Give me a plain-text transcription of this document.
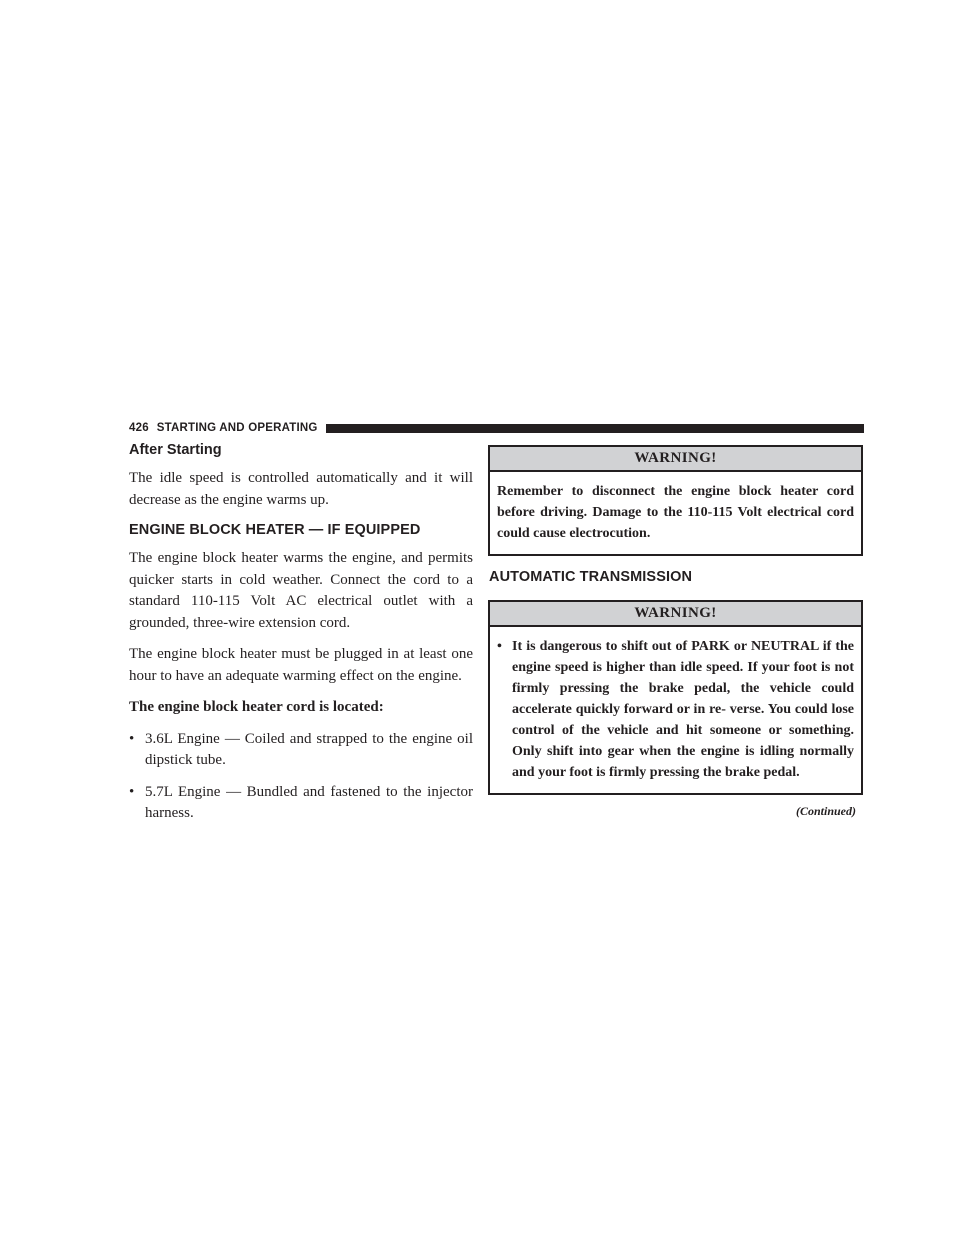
426 STARTING AND OPERATING
After Starting

The idle speed is controlled automatically and it will decrease as the engine warms up.

ENGINE BLOCK HEATER — IF EQUIPPED

The engine block heater warms the engine, and permits quicker starts in cold weather. Connect the cord to a standard 110-115 Volt AC electrical outlet with a grounded, three-wire extension cord.

The engine block heater must be plugged in at least one hour to have an adequate warming effect on the engine.

The engine block heater cord is located:

• 3.6L Engine — Coiled and strapped to the engine oil dipstick tube.
• 5.7L Engine — Bundled and fastened to the injector harness.
WARNING!
Remember to disconnect the engine block heater cord before driving. Damage to the 110-115 Volt electrical cord could cause electrocution.
AUTOMATIC TRANSMISSION
WARNING!
• It is dangerous to shift out of PARK or NEUTRAL if the engine speed is higher than idle speed. If your foot is not firmly pressing the brake pedal, the vehicle could accelerate quickly forward or in re- verse. You could lose control of the vehicle and hit someone or something. Only shift into gear when the engine is idling normally and your foot is firmly pressing the brake pedal.
(Continued)
